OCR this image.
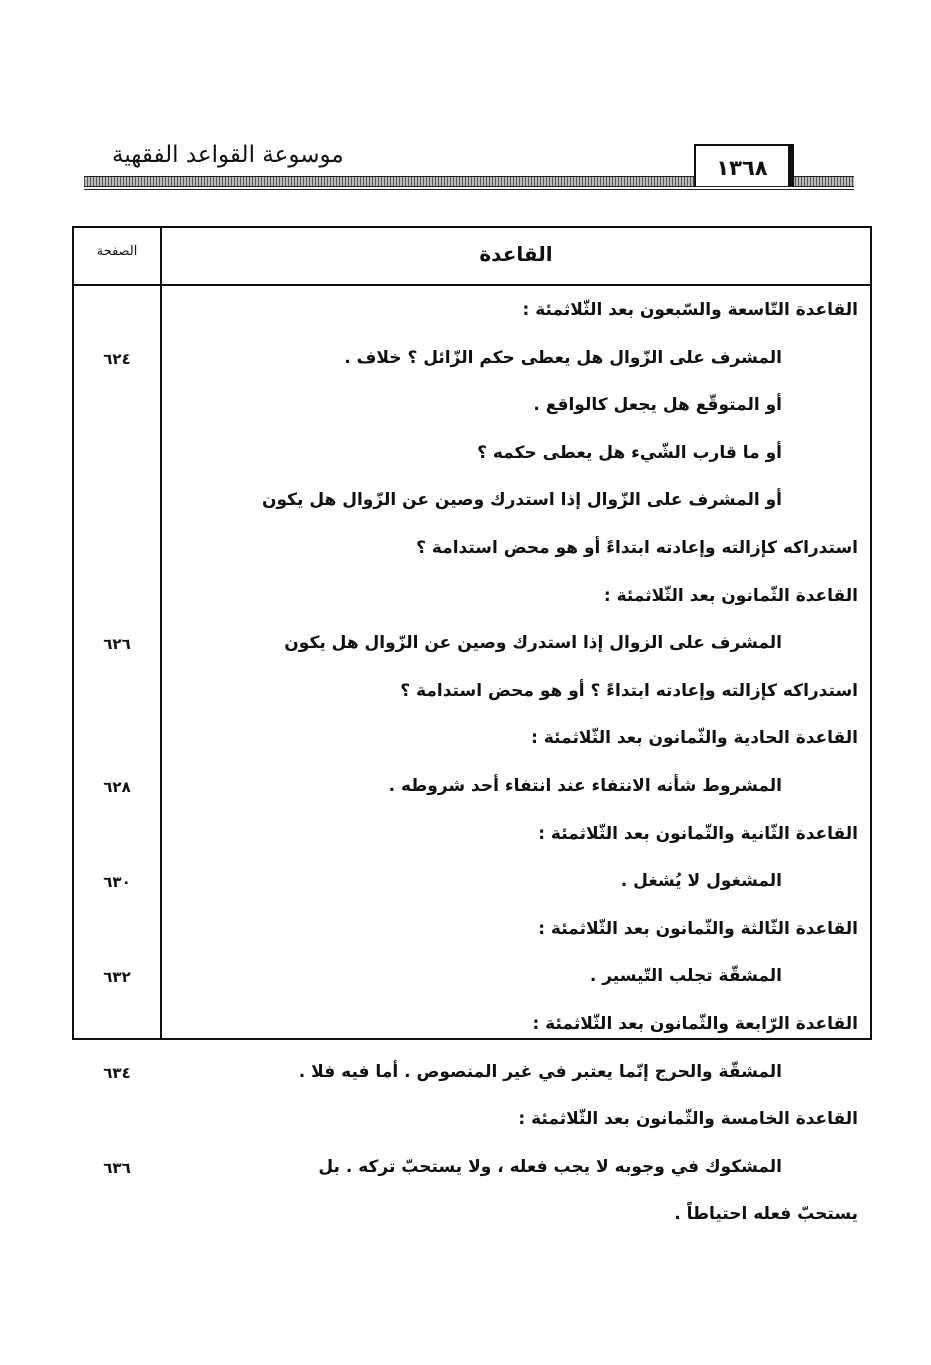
١٣٦٨
موسوعة القواعد الفقهية
القاعدة
الصفحة
القاعدة التّاسعة والسّبعون بعد الثّلاثمئة :
المشرف على الزّوال هل يعطى حكم الزّائل ؟ خلاف .
٦٢٤
أو المتوقّع هل يجعل كالواقع .
أو ما قارب الشّيء هل يعطى حكمه ؟
أو المشرف على الزّوال إذا استدرك وصين عن الزّوال هل يكون
استدراكه كإزالته وإعادته ابتداءً أو هو محض استدامة ؟
القاعدة الثّمانون بعد الثّلاثمئة :
المشرف على الزوال إذا استدرك وصين عن الزّوال هل يكون
٦٢٦
استدراكه كإزالته وإعادته ابتداءً ؟ أو هو محض استدامة ؟
القاعدة الحادية والثّمانون بعد الثّلاثمئة :
المشروط شأنه الانتفاء عند انتفاء أحد شروطه .
٦٢٨
القاعدة الثّانية والثّمانون بعد الثّلاثمئة :
المشغول لا يُشغل .
٦٣٠
القاعدة الثّالثة والثّمانون بعد الثّلاثمئة :
المشقّة تجلب التّيسير .
٦٣٢
القاعدة الرّابعة والثّمانون بعد الثّلاثمئة :
المشقّة والحرج إنّما يعتبر في غير المنصوص . أما فيه فلا .
٦٣٤
القاعدة الخامسة والثّمانون بعد الثّلاثمئة :
المشكوك في وجوبه لا يجب فعله ، ولا يستحبّ تركه . بل
٦٣٦
يستحبّ فعله احتياطاً .
